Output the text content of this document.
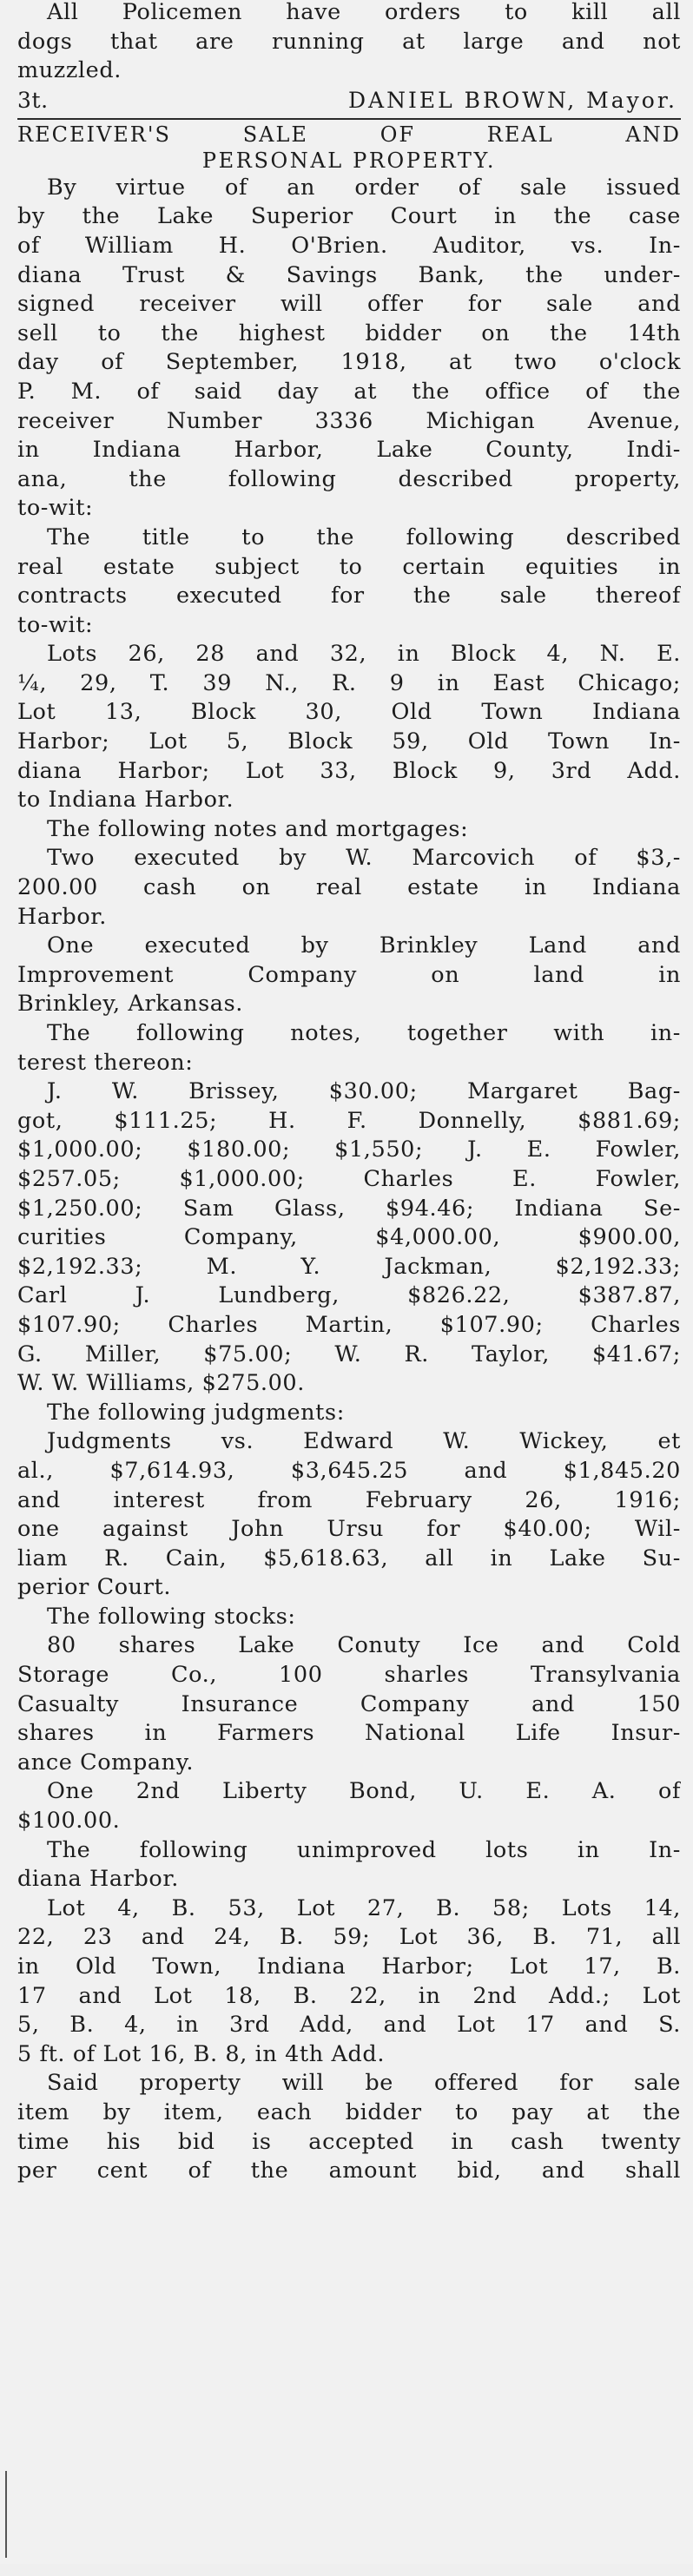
All Policemen have orders to kill all
dogs that are running at large and not
muzzled.
3t.	DANIEL BROWN, Mayor.
RECEIVER'S SALE OF REAL AND
PERSONAL PROPERTY.
By virtue of an order of sale issued
by the Lake Superior Court in the case
of William H. O'Brien. Auditor, vs. In-
diana Trust & Savings Bank, the under-
signed receiver will offer for sale and
sell to the highest bidder on the 14th
day of September, 1918, at two o'clock
P. M. of said day at the office of the
receiver Number 3336 Michigan Avenue,
in Indiana Harbor, Lake County, Indi-
ana, the following described property,
to-wit:
The title to the following described
real estate subject to certain equities in
contracts executed for the sale thereof
to-wit:
Lots 26, 28 and 32, in Block 4, N. E.
¼, 29, T. 39 N., R. 9 in East Chicago;
Lot 13, Block 30, Old Town Indiana
Harbor; Lot 5, Block 59, Old Town In-
diana Harbor; Lot 33, Block 9, 3rd Add.
to Indiana Harbor.
The following notes and mortgages:
Two executed by W. Marcovich of $3,-
200.00 cash on real estate in Indiana
Harbor.
One executed by Brinkley Land and
Improvement Company on land in
Brinkley, Arkansas.
The following notes, together with in-
terest thereon:
J. W. Brissey, $30.00; Margaret Bag-
got, $111.25; H. F. Donnelly, $881.69;
$1,000.00; $180.00; $1,550; J. E. Fowler,
$257.05; $1,000.00; Charles E. Fowler,
$1,250.00; Sam Glass, $94.46; Indiana Se-
curities Company, $4,000.00, $900.00,
$2,192.33; M. Y. Jackman, $2,192.33;
Carl J. Lundberg, $826.22, $387.87,
$107.90; Charles Martin, $107.90; Charles
G. Miller, $75.00; W. R. Taylor, $41.67;
W. W. Williams, $275.00.
The following judgments:
Judgments vs. Edward W. Wickey, et
al., $7,614.93, $3,645.25 and $1,845.20
and interest from February 26, 1916;
one against John Ursu for $40.00; Wil-
liam R. Cain, $5,618.63, all in Lake Su-
perior Court.
The following stocks:
80 shares Lake Conuty Ice and Cold
Storage Co., 100 sharles Transylvania
Casualty Insurance Company and 150
shares in Farmers National Life Insur-
ance Company.
One 2nd Liberty Bond, U. E. A. of
$100.00.
The following unimproved lots in In-
diana Harbor.
Lot 4, B. 53, Lot 27, B. 58; Lots 14,
22, 23 and 24, B. 59; Lot 36, B. 71, all
in Old Town, Indiana Harbor; Lot 17, B.
17 and Lot 18, B. 22, in 2nd Add.; Lot
5, B. 4, in 3rd Add, and Lot 17 and S.
5 ft. of Lot 16, B. 8, in 4th Add.
Said property will be offered for sale
item by item, each bidder to pay at the
time his bid is accepted in cash twenty
per cent of the amount bid, and shall
